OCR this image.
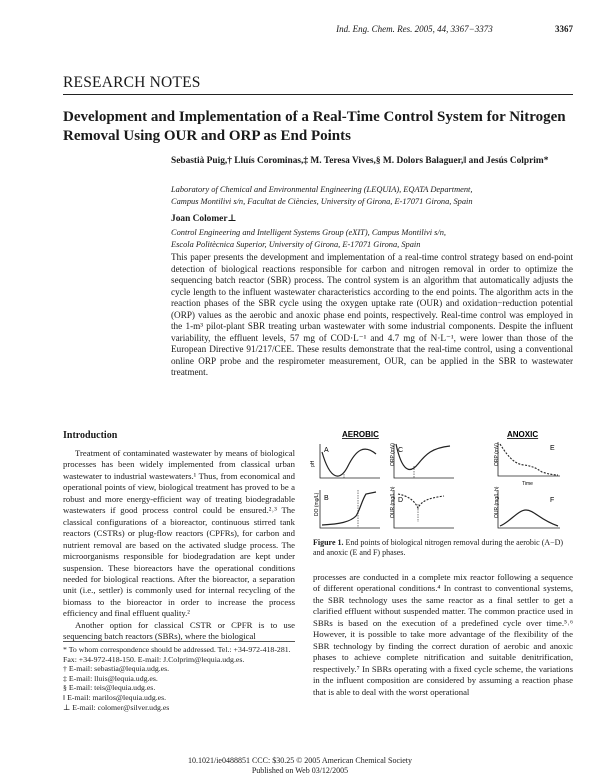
Ind. Eng. Chem. Res. 2005, 44, 3367−3373	3367
RESEARCH NOTES
Development and Implementation of a Real-Time Control System for Nitrogen Removal Using OUR and ORP as End Points
Sebastià Puig,† Lluís Corominas,‡ M. Teresa Vives,§ M. Dolors Balaguer,ǁ and Jesús Colprim*
Laboratory of Chemical and Environmental Engineering (LEQUIA), EQATA Department,
Campus Montilivi s/n, Facultat de Ciències, University of Girona, E-17071 Girona, Spain
Joan Colomer⊥
Control Engineering and Intelligent Systems Group (eXIT), Campus Montilivi s/n,
Escola Politècnica Superior, University of Girona, E-17071 Girona, Spain
This paper presents the development and implementation of a real-time control strategy based on end-point detection of biological reactions responsible for carbon and nitrogen removal in order to optimize the sequencing batch reactor (SBR) process. The control system is an algorithm that automatically adjusts the cycle length to the influent wastewater characteristics according to the end points. The algorithm acts in the reaction phases of the SBR cycle using the oxygen uptake rate (OUR) and oxidation−reduction potential (ORP) values as the aerobic and anoxic phase end points, respectively. Real-time control was employed in the 1-m³ pilot-plant SBR treating urban wastewater with some industrial components. Despite the influent variability, the effluent levels, 57 mg of COD·L⁻¹ and 4.7 mg of N·L⁻¹, were lower than those of the European Directive 91/217/CEE. These results demonstrate that the real-time control, using a conventional online ORP probe and the respirometer measurement, OUR, can be applied in the SBR to wastewater treatment.
Introduction

Treatment of contaminated wastewater by means of biological processes has been widely implemented from classical urban wastewater to industrial wastewaters.¹ Thus, from economical and operational points of view, biological treatment has proved to be a robust and more energy-efficient way of treating biodegradable wastewaters if good process control could be ensured.²˒³ The classical configurations of a bioreactor, continuous stirred tank reactors (CSTRs) or plug-flow reactors (CPFRs), for carbon and nutrient removal are based on the activated sludge process. The microorganisms responsible for biodegradation are kept under suspension. These bioreactors have the operational conditions needed for biological reactions. After the bioreactor, a separation unit (i.e., settler) is commonly used for internal recycling of the biomass to the bioreactor in order to increase the process efficiency and final effluent quality.²

Another option for classical CSTR or CPFR is to use sequencing batch reactors (SBRs), where the biological

* To whom correspondence should be addressed. Tel.: +34-972-418-281. Fax: +34-972-418-150. E-mail: J.Colprim@lequia.udg.es.
† E-mail: sebastia@lequia.udg.es.
‡ E-mail: lluis@lequia.udg.es.
§ E-mail: teis@lequia.udg.es.
ǁ E-mail: marilos@lequia.udg.es.
⊥ E-mail: colomer@silver.udg.es
AEROBIC	ANOXIC
pH
A	ORP (mV) C	ORP (mV)	E
Time
DO (mg/L) B	OUR (mg/L·h) D	OUR (mg/L·h)	F
Figure 1. End points of biological nitrogen removal during the aerobic (A−D) and anoxic (E and F) phases.

processes are conducted in a complete mix reactor following a sequence of different operational conditions.⁴ In contrast to conventional systems, the SBR technology uses the same reactor as a final settler to get a clarified effluent without suspended matter. The common practice used in SBRs is based on the execution of a predefined cycle over time.⁵˒⁶ However, it is possible to take more advantage of the flexibility of the SBR technology by finding the correct duration of aerobic and anoxic phases to achieve complete nitrification and suitable denitrification, respectively.⁷ In SBRs operating with a fixed cycle scheme, the variations in the influent composition are considered by assuming a reaction phase that is able to deal with the worst operational

10.1021/ie0488851 CCC: $30.25 © 2005 American Chemical Society
Published on Web 03/12/2005
